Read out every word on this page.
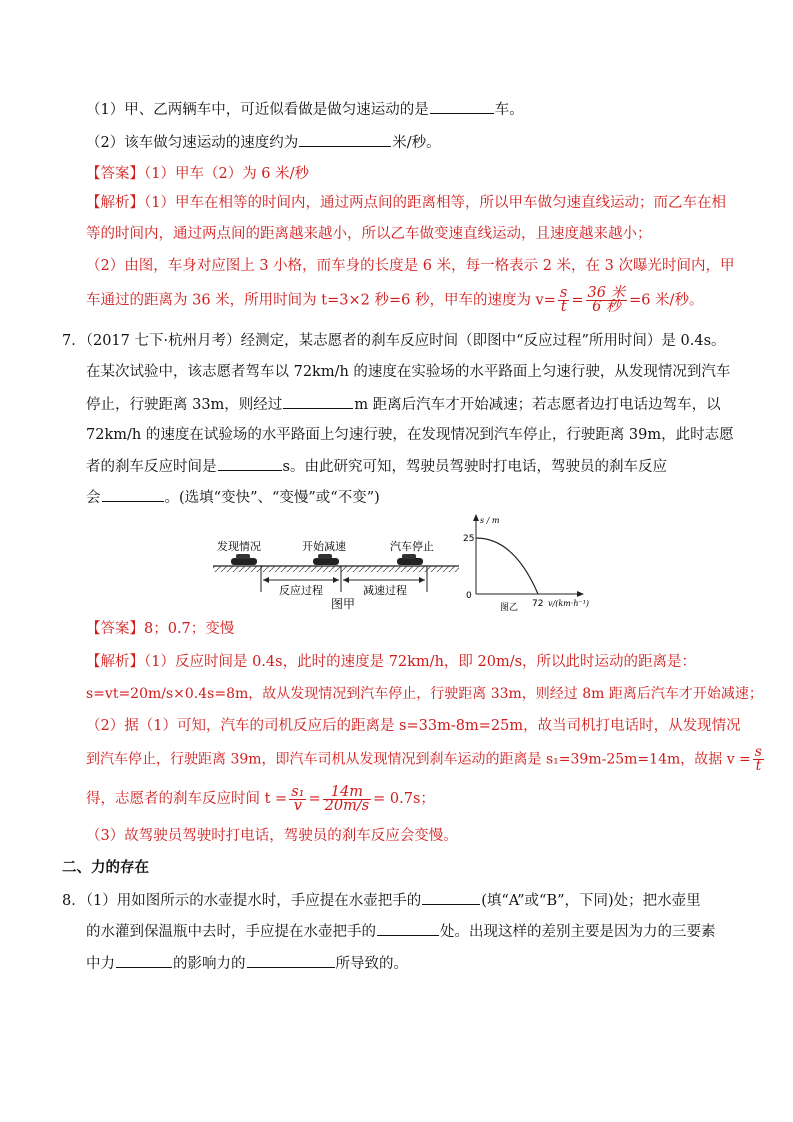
（1）甲、乙两辆车中，可近似看做是做匀速运动的是	车。
（2）该车做匀速运动的速度约为	米/秒。
【答案】（1）甲车（2）为 6 米/秒
【解析】（1）甲车在相等的时间内，通过两点间的距离相等，所以甲车做匀速直线运动；而乙车在相
等的时间内，通过两点间的距离越来越小，所以乙车做变速直线运动，且速度越来越小；
（2）由图，车身对应图上 3 小格，而车身的长度是 6 米，每一格表示 2 米，在 3 次曝光时间内，甲
车通过的距离为 36 米，所用时间为 t=3×2 秒=6 秒，甲车的速度为 $v= \frac{s}{t} = \frac{\text{36 米}}{\text{6 秒}} =6$ 米/秒。
7．（2017 七下·杭州月考）经测定，某志愿者的刹车反应时间（即图中“反应过程”所用时间）是 0.4s。
在某次试验中，该志愿者驾车以 72km/h 的速度在实验场的水平路面上匀速行驶，从发现情况到汽车
停止，行驶距离 33m，则经过	m 距离后汽车才开始减速；若志愿者边打电话边驾车，以
72km/h 的速度在试验场的水平路面上匀速行驶，在发现情况到汽车停止，行驶距离 39m，此时志愿
者的刹车反应时间是	s。由此研究可知，驾驶员驾驶时打电话，驾驶员的刹车反应
会	。(选填“变快”、“变慢”或“不变”)
发现情况	开始减速	汽车停止
反应过程	减速过程
图甲
s / m
25
0
72 v/(km·h⁻¹)
图乙
【答案】8；0.7；变慢
【解析】（1）反应时间是 0.4s，此时的速度是 72km/h，即 20m/s，所以此时运动的距离是：
s=vt=20m/s×0.4s=8m，故从发现情况到汽车停止，行驶距离 33m，则经过 8m 距离后汽车才开始减速；
（2）据（1）可知，汽车的司机反应后的距离是 s=33m-8m=25m，故当司机打电话时，从发现情况
到汽车停止，行驶距离 39m，即汽车司机从发现情况到刹车运动的距离是 s₁=39m-25m=14m，故据 $v = \frac{s}{t}$
得，志愿者的刹车反应时间 $t = \frac{\text{s₁}}{v} = \frac{14m}{20m/s} = 0.7s$；
（3）故驾驶员驾驶时打电话，驾驶员的刹车反应会变慢。
二、力的存在
8．（1）用如图所示的水壶提水时，手应提在水壶把手的	(填“A”或“B”，下同)处；把水壶里
的水灌到保温瓶中去时，手应提在水壶把手的	处。出现这样的差别主要是因为力的三要素
中力	的影响力的	所导致的。
